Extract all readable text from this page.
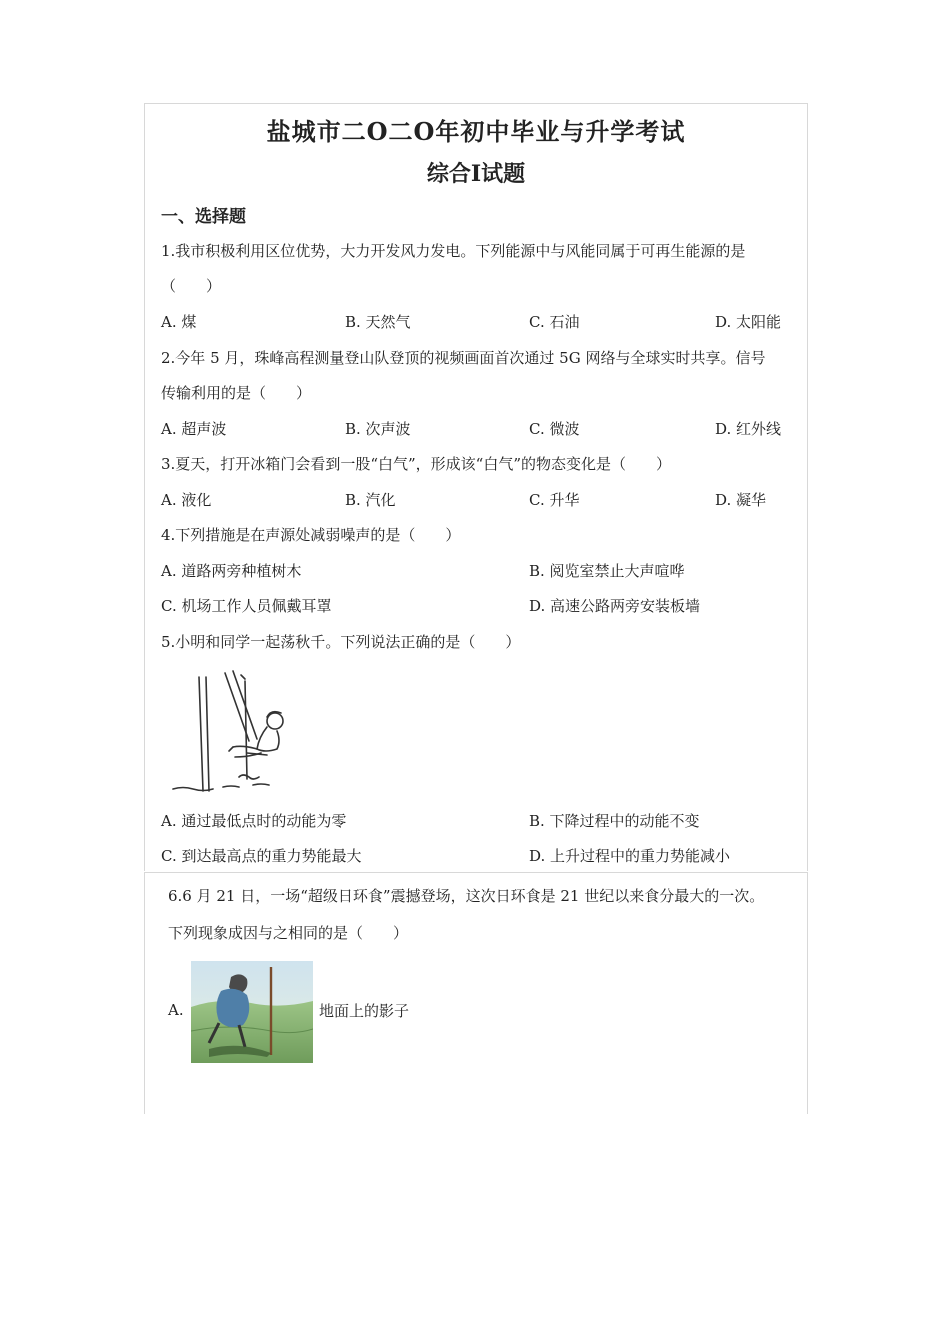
盐城市二O二O年初中毕业与升学考试
综合Ⅰ试题
一、选择题
1.我市积极利用区位优势，大力开发风力发电。下列能源中与风能同属于可再生能源的是
（　　）
A. 煤	B. 天然气	C. 石油	D. 太阳能
2.今年 5 月，珠峰高程测量登山队登顶的视频画面首次通过 5G 网络与全球实时共享。信号
传输利用的是（　　）
A. 超声波	B. 次声波	C. 微波	D. 红外线
3.夏天，打开冰箱门会看到一股“白气”，形成该“白气”的物态变化是（　　）
A. 液化	B. 汽化	C. 升华	D. 凝华
4.下列措施是在声源处减弱噪声的是（　　）
A. 道路两旁种植树木	B. 阅览室禁止大声喧哗
C. 机场工作人员佩戴耳罩	D. 高速公路两旁安装板墙
5.小明和同学一起荡秋千。下列说法正确的是（　　）
A. 通过最低点时的动能为零	B. 下降过程中的动能不变
C. 到达最高点的重力势能最大	D. 上升过程中的重力势能减小
6.6 月 21 日，一场“超级日环食”震撼登场，这次日环食是 21 世纪以来食分最大的一次。
下列现象成因与之相同的是（　　）
A.	地面上的影子
